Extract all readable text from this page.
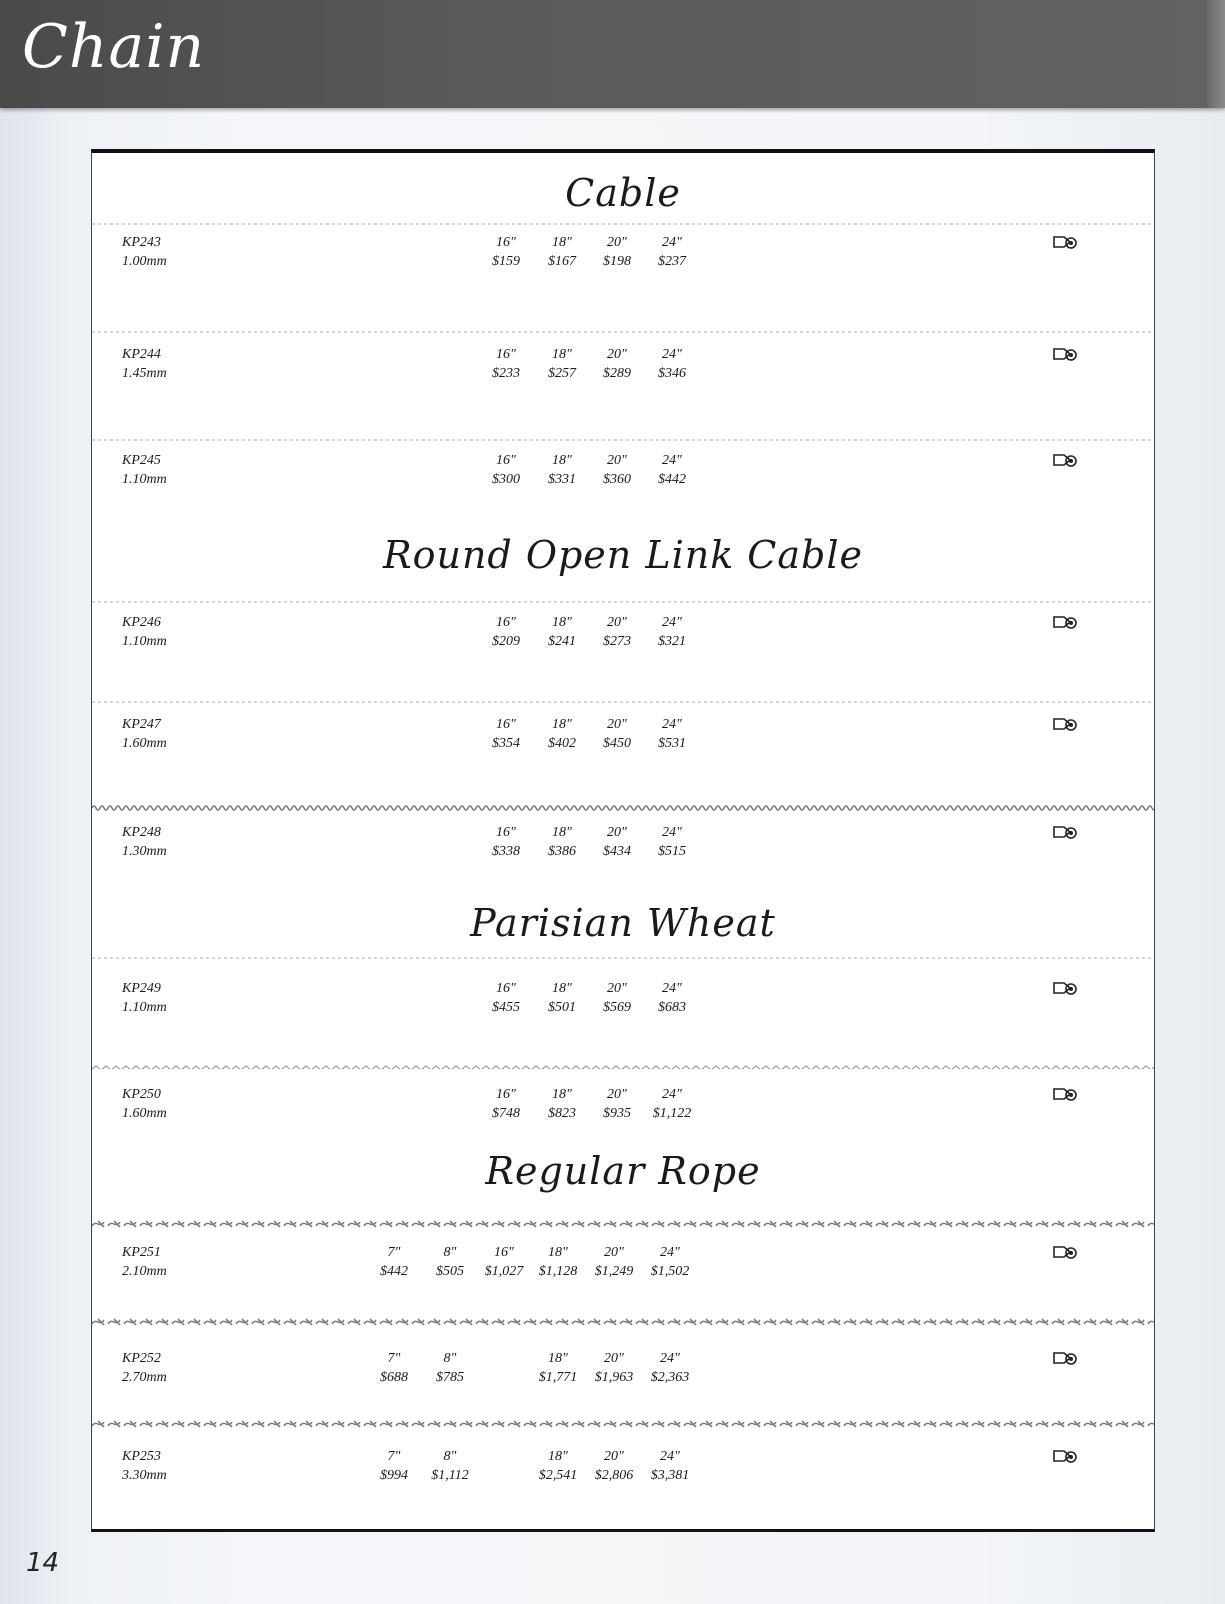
Chain
Cable
KP243
1.00mm
16"
$159
18"
$167
20"
$198
24"
$237
KP244
1.45mm
16"
$233
18"
$257
20"
$289
24"
$346
KP245
1.10mm
16"
$300
18"
$331
20"
$360
24"
$442
Round Open Link Cable
KP246
1.10mm
16"
$209
18"
$241
20"
$273
24"
$321
KP247
1.60mm
16"
$354
18"
$402
20"
$450
24"
$531
KP248
1.30mm
16"
$338
18"
$386
20"
$434
24"
$515
Parisian Wheat
KP249
1.10mm
16"
$455
18"
$501
20"
$569
24"
$683
KP250
1.60mm
16"
$748
18"
$823
20"
$935
24"
$1,122
Regular Rope
KP251
2.10mm
7"
$442
8"
$505
16"
$1,027
18"
$1,128
20"
$1,249
24"
$1,502
KP252
2.70mm
7"
$688
8"
$785
18"
$1,771
20"
$1,963
24"
$2,363
KP253
3.30mm
7"
$994
8"
$1,112
18"
$2,541
20"
$2,806
24"
$3,381
14
